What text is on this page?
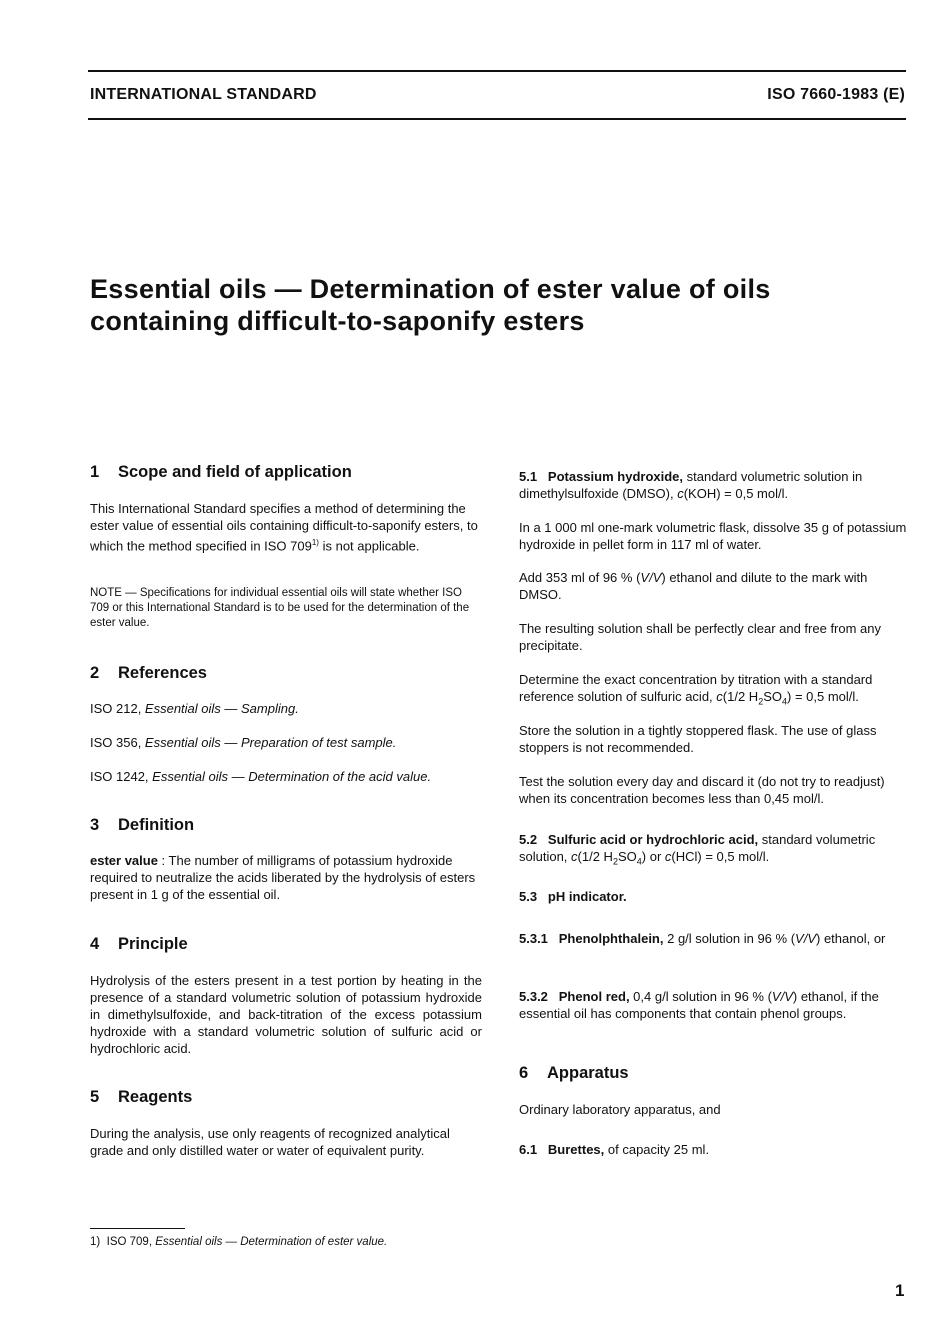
INTERNATIONAL STANDARD	ISO 7660-1983 (E)
Essential oils — Determination of ester value of oils containing difficult-to-saponify esters
1 Scope and field of application

This International Standard specifies a method of determining the ester value of essential oils containing difficult-to-saponify esters, to which the method specified in ISO 709$^{1)}$ is not applicable.

NOTE — Specifications for individual essential oils will state whether ISO 709 or this International Standard is to be used for the determination of the ester value.
2 References
ISO 212, Essential oils — Sampling.
ISO 356, Essential oils — Preparation of test sample.
ISO 1242, Essential oils — Determination of the acid value.
3 Definition

ester value : The number of milligrams of potassium hydroxide required to neutralize the acids liberated by the hydrolysis of esters present in 1 g of the essential oil.

4 Principle
Hydrolysis of the esters present in a test portion by heating in the presence of a standard volumetric solution of potassium hydroxide in dimethylsulfoxide, and back-titration of the excess potassium hydroxide with a standard volumetric solution of sulfuric acid or hydrochloric acid.
5 Reagents
During the analysis, use only reagents of recognized analytical grade and only distilled water or water of equivalent purity.

5.1 Potassium hydroxide, standard volumetric solution in dimethylsulfoxide (DMSO), c(KOH) = 0,5 mol/l.

In a 1 000 ml one-mark volumetric flask, dissolve 35 g of potassium hydroxide in pellet form in 117 ml of water.

Add 353 ml of 96 % (V/V) ethanol and dilute to the mark with DMSO.

The resulting solution shall be perfectly clear and free from any precipitate.

Determine the exact concentration by titration with a standard reference solution of sulfuric acid, c(1/2 $H_2SO_4) = 0,5$ mol/l.

Store the solution in a tightly stoppered flask. The use of glass stoppers is not recommended.
Test the solution every day and discard it (do not try to readjust) when its concentration becomes less than 0,45 mol/l.

5.2 Sulfuric acid or hydrochloric acid, standard volumetric solution, c(1/2 $H_2SO_4$) or c(HCl) = 0,5 mol/l.

5.3 pH indicator.

5.3.1 Phenolphthalein, 2 g/l solution in 96 % (V/V) ethanol, or

5.3.2 Phenol red, 0,4 g/l solution in 96 % (V/V) ethanol, if the essential oil has components that contain phenol groups.

6 Apparatus
Ordinary laboratory apparatus, and

6.1 Burettes, of capacity 25 ml.

1) ISO 709, Essential oils — Determination of ester value.
1
